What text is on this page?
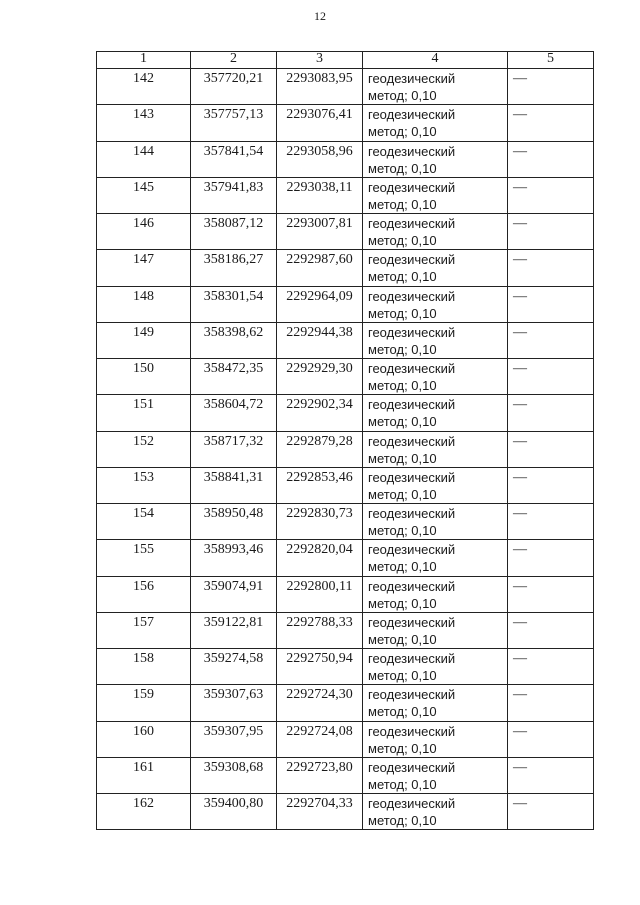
12
1	2	3	4	5
142	357720,21	2293083,95	геодезический
метод; 0,10	—
143	357757,13	2293076,41	геодезический
метод; 0,10	—
144	357841,54	2293058,96	геодезический
метод; 0,10	—
145	357941,83	2293038,11	геодезический
метод; 0,10	—
146	358087,12	2293007,81	геодезический
метод; 0,10	—
147	358186,27	2292987,60	геодезический
метод; 0,10	—
148	358301,54	2292964,09	геодезический
метод; 0,10	—
149	358398,62	2292944,38	геодезический
метод; 0,10	—
150	358472,35	2292929,30	геодезический
метод; 0,10	—
151	358604,72	2292902,34	геодезический
метод; 0,10	—
152	358717,32	2292879,28	геодезический
метод; 0,10	—
153	358841,31	2292853,46	геодезический
метод; 0,10	—
154	358950,48	2292830,73	геодезический
метод; 0,10	—
155	358993,46	2292820,04	геодезический
метод; 0,10	—
156	359074,91	2292800,11	геодезический
метод; 0,10	—
157	359122,81	2292788,33	геодезический
метод; 0,10	—
158	359274,58	2292750,94	геодезический
метод; 0,10	—
159	359307,63	2292724,30	геодезический
метод; 0,10	—
160	359307,95	2292724,08	геодезический
метод; 0,10	—
161	359308,68	2292723,80	геодезический
метод; 0,10	—
162	359400,80	2292704,33	геодезический
метод; 0,10	—
